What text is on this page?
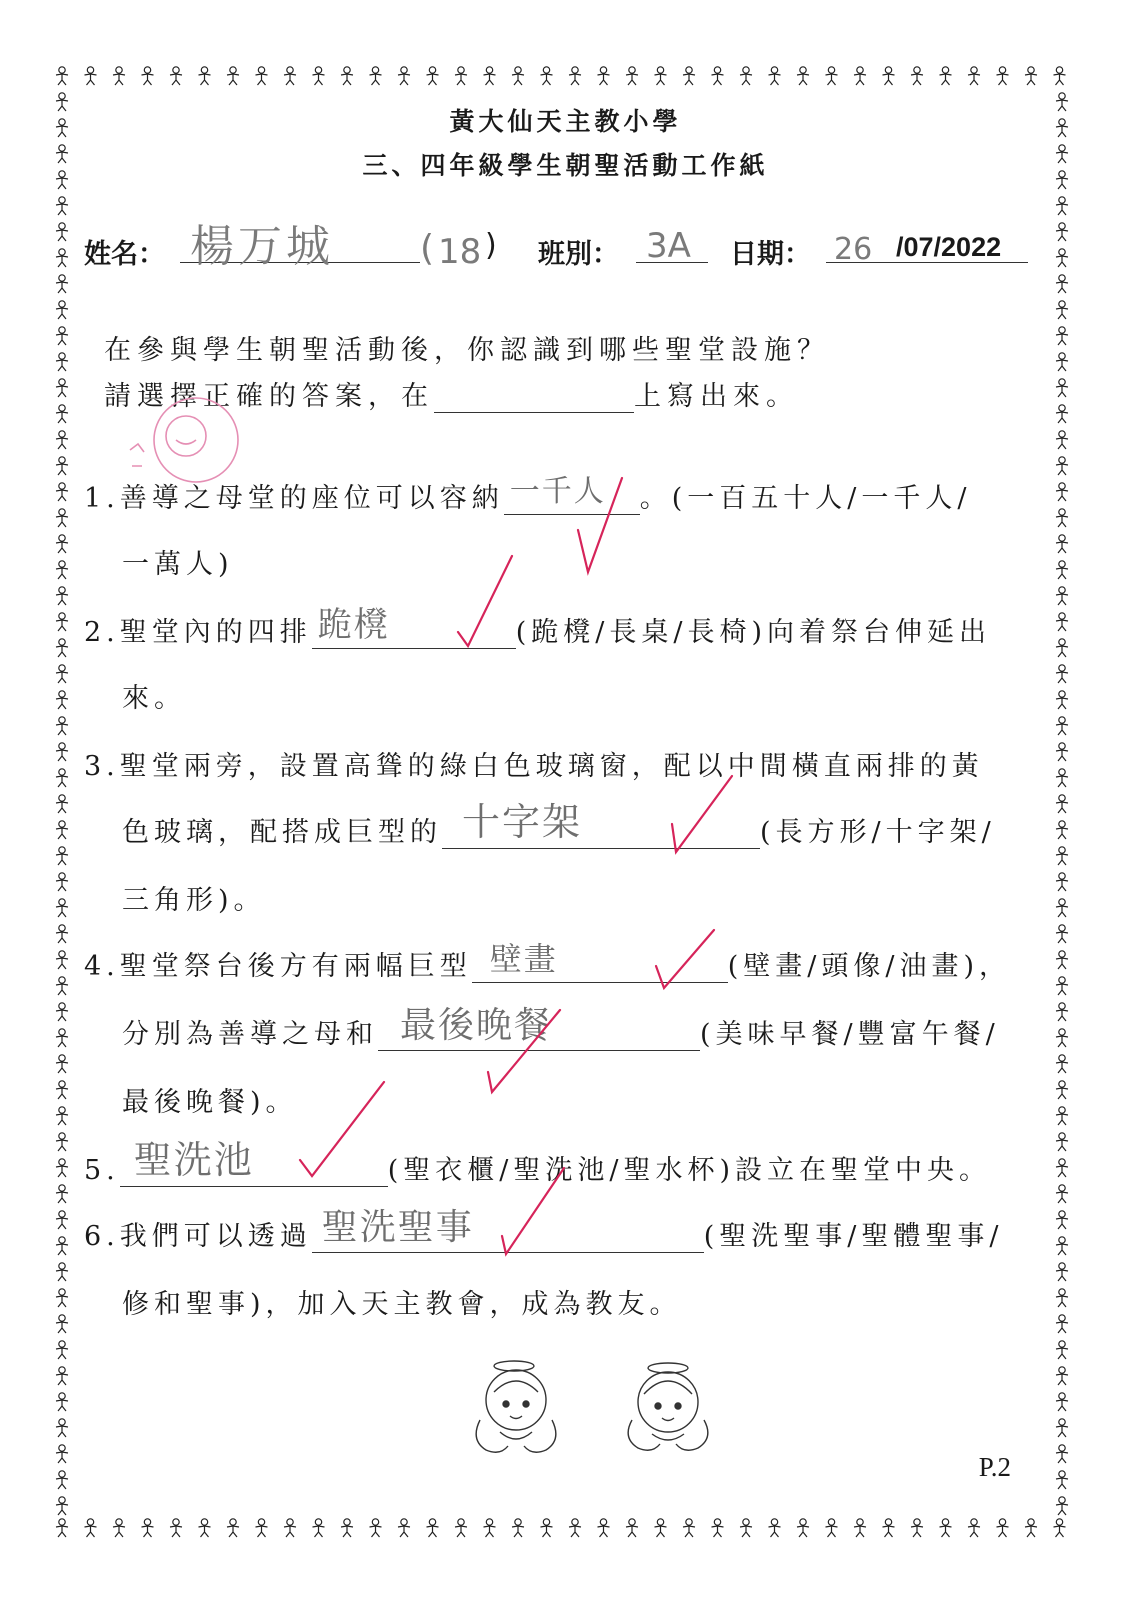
黃大仙天主教小學
三、四年級學生朝聖活動工作紙
姓名： 楊万城 ( 18 ) 班別： 3A 日期： 26 /07/2022
在參與學生朝聖活動後，你認識到哪些聖堂設施？
請選擇正確的答案，在	上寫出來。
1.善導之母堂的座位可以容納 一千人 。(一百五十人/一千人/
一萬人)
2.聖堂內的四排 跪櫈	(跪櫈/長桌/長椅)向着祭台伸延出
來。
3.聖堂兩旁，設置高聳的綠白色玻璃窗，配以中間橫直兩排的黃
色玻璃，配搭成巨型的 十字架	(長方形/十字架/
三角形)。
4.聖堂祭台後方有兩幅巨型 壁畫	(壁畫/頭像/油畫)，
分別為善導之母和 最後晚餐	(美味早餐/豐富午餐/
最後晚餐)。
5. 聖洗池	(聖衣櫃/聖洗池/聖水杯)設立在聖堂中央。
6.我們可以透過 聖洗聖事	(聖洗聖事/聖體聖事/
修和聖事)，加入天主教會，成為教友。
P.2
